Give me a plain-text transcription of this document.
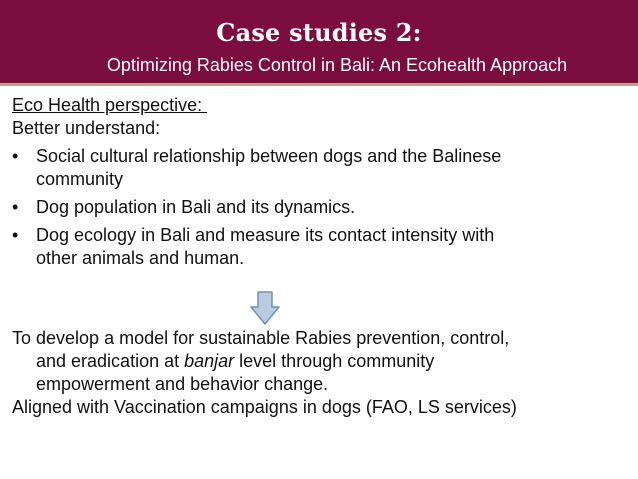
Case studies 2:
Optimizing Rabies Control in Bali: An Ecohealth Approach
Eco Health perspective:
Better understand:
• Social cultural relationship between dogs and the Balinese
community
• Dog population in Bali and its dynamics.
• Dog ecology in Bali and measure its contact intensity with
other animals and human.
To develop a model for sustainable Rabies prevention, control,
and eradication at banjar level through community
empowerment and behavior change.
Aligned with Vaccination campaigns in dogs (FAO, LS services)
